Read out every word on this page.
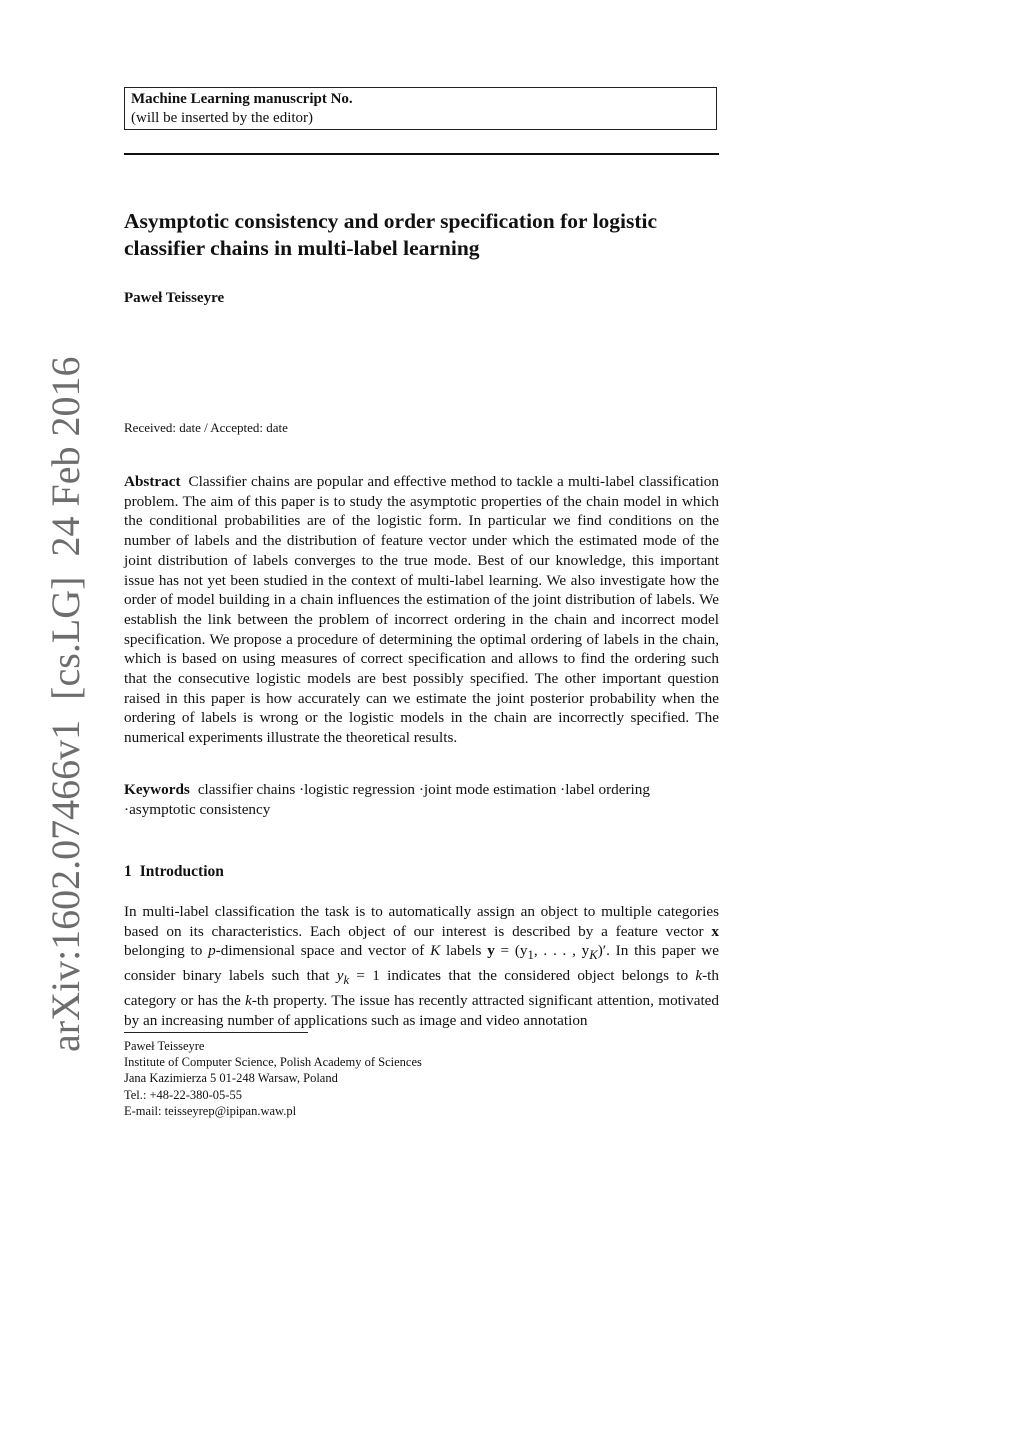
arXiv:1602.07466v1[cs.LG]24 Feb 2016
Machine Learning manuscript No.
(will be inserted by the editor)
Asymptotic consistency and order specification for logistic classifier chains in multi-label learning
Paweł Teisseyre
Received: date / Accepted: date
Abstract Classifier chains are popular and effective method to tackle a multi-label classification problem. The aim of this paper is to study the asymptotic properties of the chain model in which the conditional probabilities are of the logistic form. In particular we find conditions on the number of labels and the distribution of feature vector under which the estimated mode of the joint distribution of labels converges to the true mode. Best of our knowledge, this important issue has not yet been studied in the context of multi-label learning. We also investigate how the order of model building in a chain influences the estimation of the joint distribution of labels. We establish the link between the problem of incorrect ordering in the chain and incorrect model specification. We propose a procedure of determining the optimal ordering of labels in the chain, which is based on using measures of correct specification and allows to find the ordering such that the consecutive logistic models are best possibly specified. The other important question raised in this paper is how accurately can we estimate the joint posterior probability when the ordering of labels is wrong or the logistic models in the chain are incorrectly specified. The numerical experiments illustrate the theoretical results.
Keywords classifier chains · logistic regression · joint mode estimation · label ordering · asymptotic consistency
1 Introduction
In multi-label classification the task is to automatically assign an object to multiple categories based on its characteristics. Each object of our interest is described by a feature vector x belonging to p-dimensional space and vector of K labels $y = (y_1$, . . . , $y_K)'$. In this paper we consider binary labels such that $y_k = 1$ indicates that the considered object belongs to k-th category or has the k-th property. The issue has recently attracted significant attention, motivated by an increasing number of applications such as image and video annotation
Paweł Teisseyre
Institute of Computer Science, Polish Academy of Sciences
Jana Kazimierza 5 01-248 Warsaw, Poland
Tel.: +48-22-380-05-55
E-mail: teisseyrep@ipipan.waw.pl
